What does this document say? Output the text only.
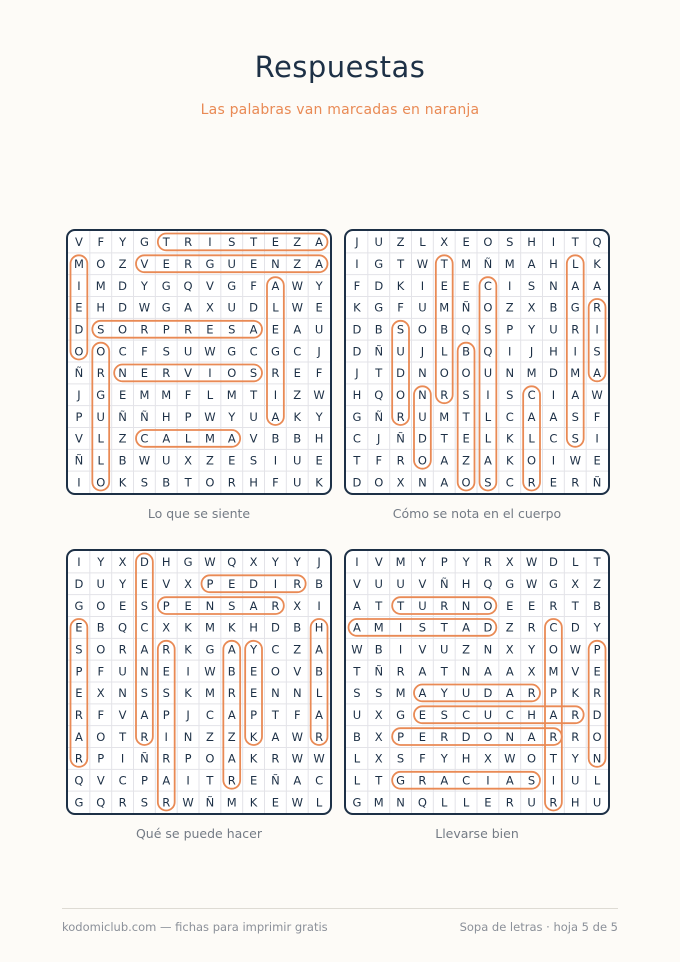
Respuestas
Las palabras van marcadas en naranja
V F Y G T R I S T E Z A
M O Z V E R G U E N Z A
I M D Y G Q V G F A W Y
E H D W G A X U D L W E
D S O R P R E S A E A U
O O C F S U W G C G C J
Ñ R N E R V I O S R E F
J G E M M F L M T I Z W
P U Ñ Ñ H P W Y U A K Y
V L Z C A L M A V B B H
Ñ L B W U X Z E S I U E
I O K S B T O R H F U K
Lo que se siente
J U Z L X E O S H I T Q
I G T W T M Ñ M A H L K
F D K I E E C I S N A A
K G F U M Ñ O Z X B G R
D B S O B Q S P Y U R I
D Ñ U J L B Q I J H I S
J T D N O O U N M D M A
H Q O N R S I S C I A W
G Ñ R U M T L C A A S F
C J Ñ D T E L K L C S I
T F R O A Z A K O I W E
D O X N A O S C R E R Ñ
Cómo se nota en el cuerpo
I Y X D H G W Q X Y Y J
D U Y E V X P E D I R B
G O E S P E N S A R X I
E B Q C X K M K H D B H
S O R A R K G A Y C Z A
P F U N E I W B E O V B
E X N S S K M R E N N L
R F V A P J C A P T F A
A O T R I N Z Z K A W R
R P I Ñ R P O A K R W W
Q V C P A I T R E Ñ A C
G Q R S R W Ñ M K E W L
Qué se puede hacer
I V M Y P Y R X W D L T
V U U V Ñ H Q G W G X Z
A T T U R N O E E R T B
A M I S T A D Z R C D Y
W B I V U Z N X Y O W P
T Ñ R A T N A A X M V E
S S M A Y U D A R P K R
U X G E S C U C H A R D
B X P E R D O N A R R O
L X S F Y H X W O T Y N
L T G R A C I A S I U L
G M N Q L L E R U R H U
Llevarse bien
kodomiclub.com — fichas para imprimir gratis	Sopa de letras · hoja 5 de 5
